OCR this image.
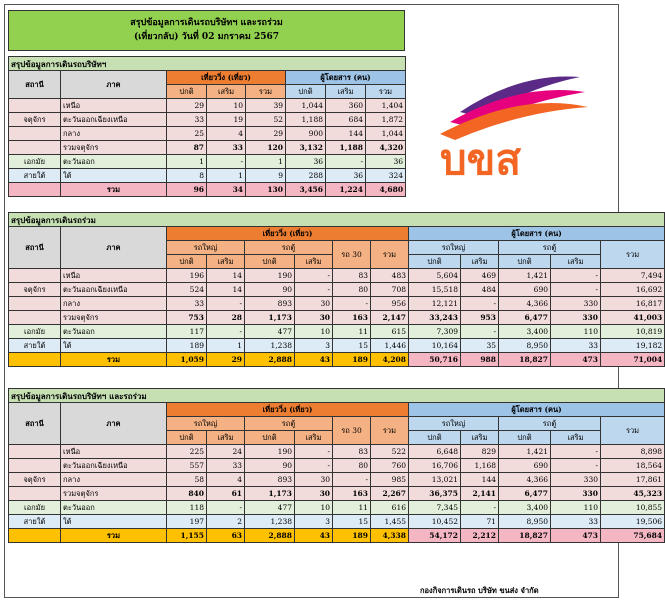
สรุปข้อมูลการเดินรถบริษัทฯ และรถร่วม
(เที่ยวกลับ) วันที่ 02 มกราคม 2567
บขส
สรุปข้อมูลการเดินรถบริษัทฯ							
สถานี	ภาค	เที่ยววิ่ง (เที่ยว)			ผู้โดยสาร (คน)		
		ปกติ	เสริม	รวม	ปกติ	เสริม	รวม
	เหนือ	29	10	39	1,044	360	1,404
จตุจักร	ตะวันออกเฉียงเหนือ	33	19	52	1,188	684	1,872
	กลาง	25	4	29	900	144	1,044
	รวมจตุจักร	87	33	120	3,132	1,188	4,320
เอกมัย	ตะวันออก	1	-	1	36	-	36
สายใต้	ใต้	8	1	9	288	36	324
	รวม	96	34	130	3,456	1,224	4,680
สรุปข้อมูลการเดินรถร่วม												
สถานี	ภาค	เที่ยววิ่ง (เที่ยว)						ผู้โดยสาร (คน)				
		รถใหญ่		รถตู้		รถ 30	รวม	รถใหญ่		รถตู้		รวม
		ปกติ	เสริม	ปกติ	เสริม			ปกติ	เสริม	ปกติ	เสริม	
	เหนือ	196	14	190	-	83	483	5,604	469	1,421	-	7,494
จตุจักร	ตะวันออกเฉียงเหนือ	524	14	90	-	80	708	15,518	484	690	-	16,692
	กลาง	33	-	893	30	-	956	12,121	-	4,366	330	16,817
	รวมจตุจักร	753	28	1,173	30	163	2,147	33,243	953	6,477	330	41,003
เอกมัย	ตะวันออก	117	-	477	10	11	615	7,309	-	3,400	110	10,819
สายใต้	ใต้	189	1	1,238	3	15	1,446	10,164	35	8,950	33	19,182
	รวม	1,059	29	2,888	43	189	4,208	50,716	988	18,827	473	71,004
สรุปข้อมูลการเดินรถบริษัทฯ และรถร่วม												
สถานี	ภาค	เที่ยววิ่ง (เที่ยว)						ผู้โดยสาร (คน)				
		รถใหญ่		รถตู้		รถ 30	รวม	รถใหญ่		รถตู้		รวม
		ปกติ	เสริม	ปกติ	เสริม			ปกติ	เสริม	ปกติ	เสริม	
	เหนือ	225	24	190	-	83	522	6,648	829	1,421	-	8,898
	ตะวันออกเฉียงเหนือ	557	33	90	-	80	760	16,706	1,168	690	-	18,564
จตุจักร	กลาง	58	4	893	30	-	985	13,021	144	4,366	330	17,861
	รวมจตุจักร	840	61	1,173	30	163	2,267	36,375	2,141	6,477	330	45,323
เอกมัย	ตะวันออก	118	-	477	10	11	616	7,345	-	3,400	110	10,855
สายใต้	ใต้	197	2	1,238	3	15	1,455	10,452	71	8,950	33	19,506
	รวม	1,155	63	2,888	43	189	4,338	54,172	2,212	18,827	473	75,684
กองกิจการเดินรถ บริษัท ขนส่ง จำกัด
